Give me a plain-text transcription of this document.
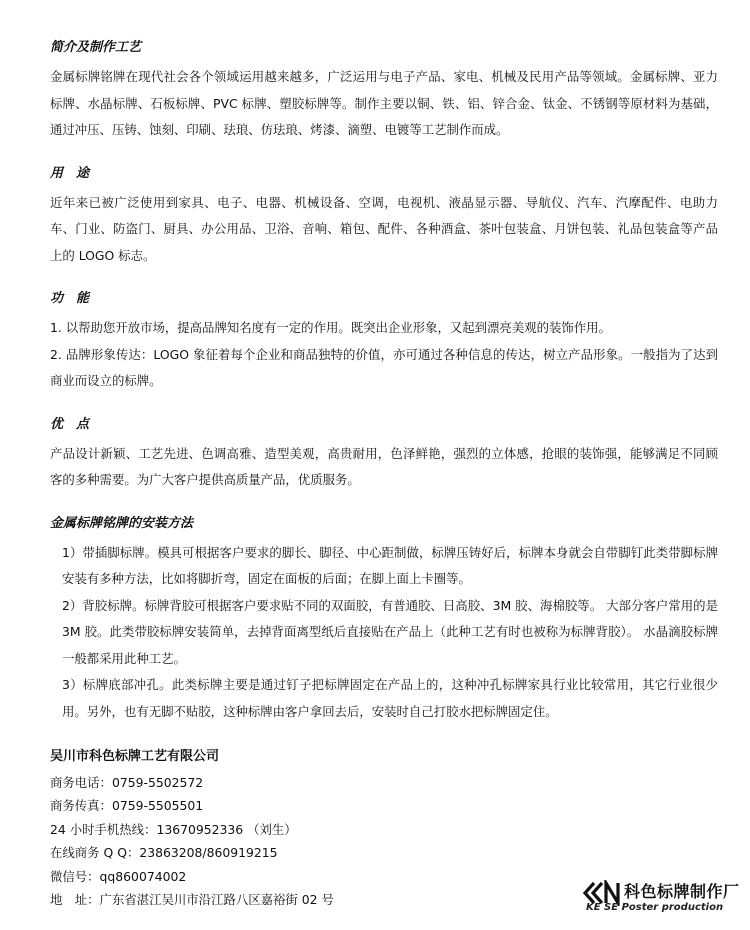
简介及制作工艺

金属标牌铭牌在现代社会各个领域运用越来越多，广泛运用与电子产品、家电、机械及民用产品等领域。金属标牌、亚力标牌、水晶标牌、石板标牌、PVC 标牌、塑胶标牌等。制作主要以铜、铁、铝、锌合金、钛金、不锈钢等原材料为基础，通过冲压、压铸、蚀刻、印刷、珐琅、仿珐琅、烤漆、滴塑、电镀等工艺制作而成。

用　途

近年来已被广泛使用到家具、电子、电器、机械设备、空调，电视机、液晶显示器、导航仪、汽车、汽摩配件、电助力车、门业、防盗门、厨具、办公用品、卫浴、音响、箱包、配件、各种酒盒、茶叶包装盒、月饼包装、礼品包装盒等产品上的 LOGO 标志。

功　能

1. 以帮助您开放市场，提高品牌知名度有一定的作用。既突出企业形象，又起到漂亮美观的装饰作用。

2. 品牌形象传达：LOGO 象征着每个企业和商品独特的价值，亦可通过各种信息的传达，树立产品形象。一般指为了达到商业而设立的标牌。

优　点

产品设计新颖、工艺先进、色调高雅、造型美观，高贵耐用，色泽鲜艳，强烈的立体感，抢眼的装饰强，能够满足不同顾客的多种需要。为广大客户提供高质量产品，优质服务。

金属标牌铭牌的安装方法

1）带插脚标牌。模具可根据客户要求的脚长、脚径、中心距制做，标牌压铸好后，标牌本身就会自带脚钉此类带脚标牌安装有多种方法，比如将脚折弯，固定在面板的后面；在脚上面上卡圈等。

2）背胶标牌。标牌背胶可根据客户要求贴不同的双面胶，有普通胶、日高胶、3M 胶、海棉胶等。 大部分客户常用的是 3M 胶。此类带胶标牌安装简单，去掉背面离型纸后直接贴在产品上（此种工艺有时也被称为标牌背胶）。 水晶滴胶标牌一般都采用此种工艺。

3）标牌底部冲孔。此类标牌主要是通过钉子把标牌固定在产品上的，这种冲孔标牌家具行业比较常用，其它行业很少用。另外，也有无脚不贴胶，这种标牌由客户拿回去后，安装时自己打胶水把标牌固定住。

吴川市科色标牌工艺有限公司
商务电话：0759-5502572
商务传真：0759-5505501
24 小时手机热线：13670952336 （刘生）
在线商务 Q Q：23863208/860919215
微信号：qq860074002
地　址：广东省湛江吴川市沿江路八区嘉裕街 02 号	科色标牌制作厂
KE SE Poster production
